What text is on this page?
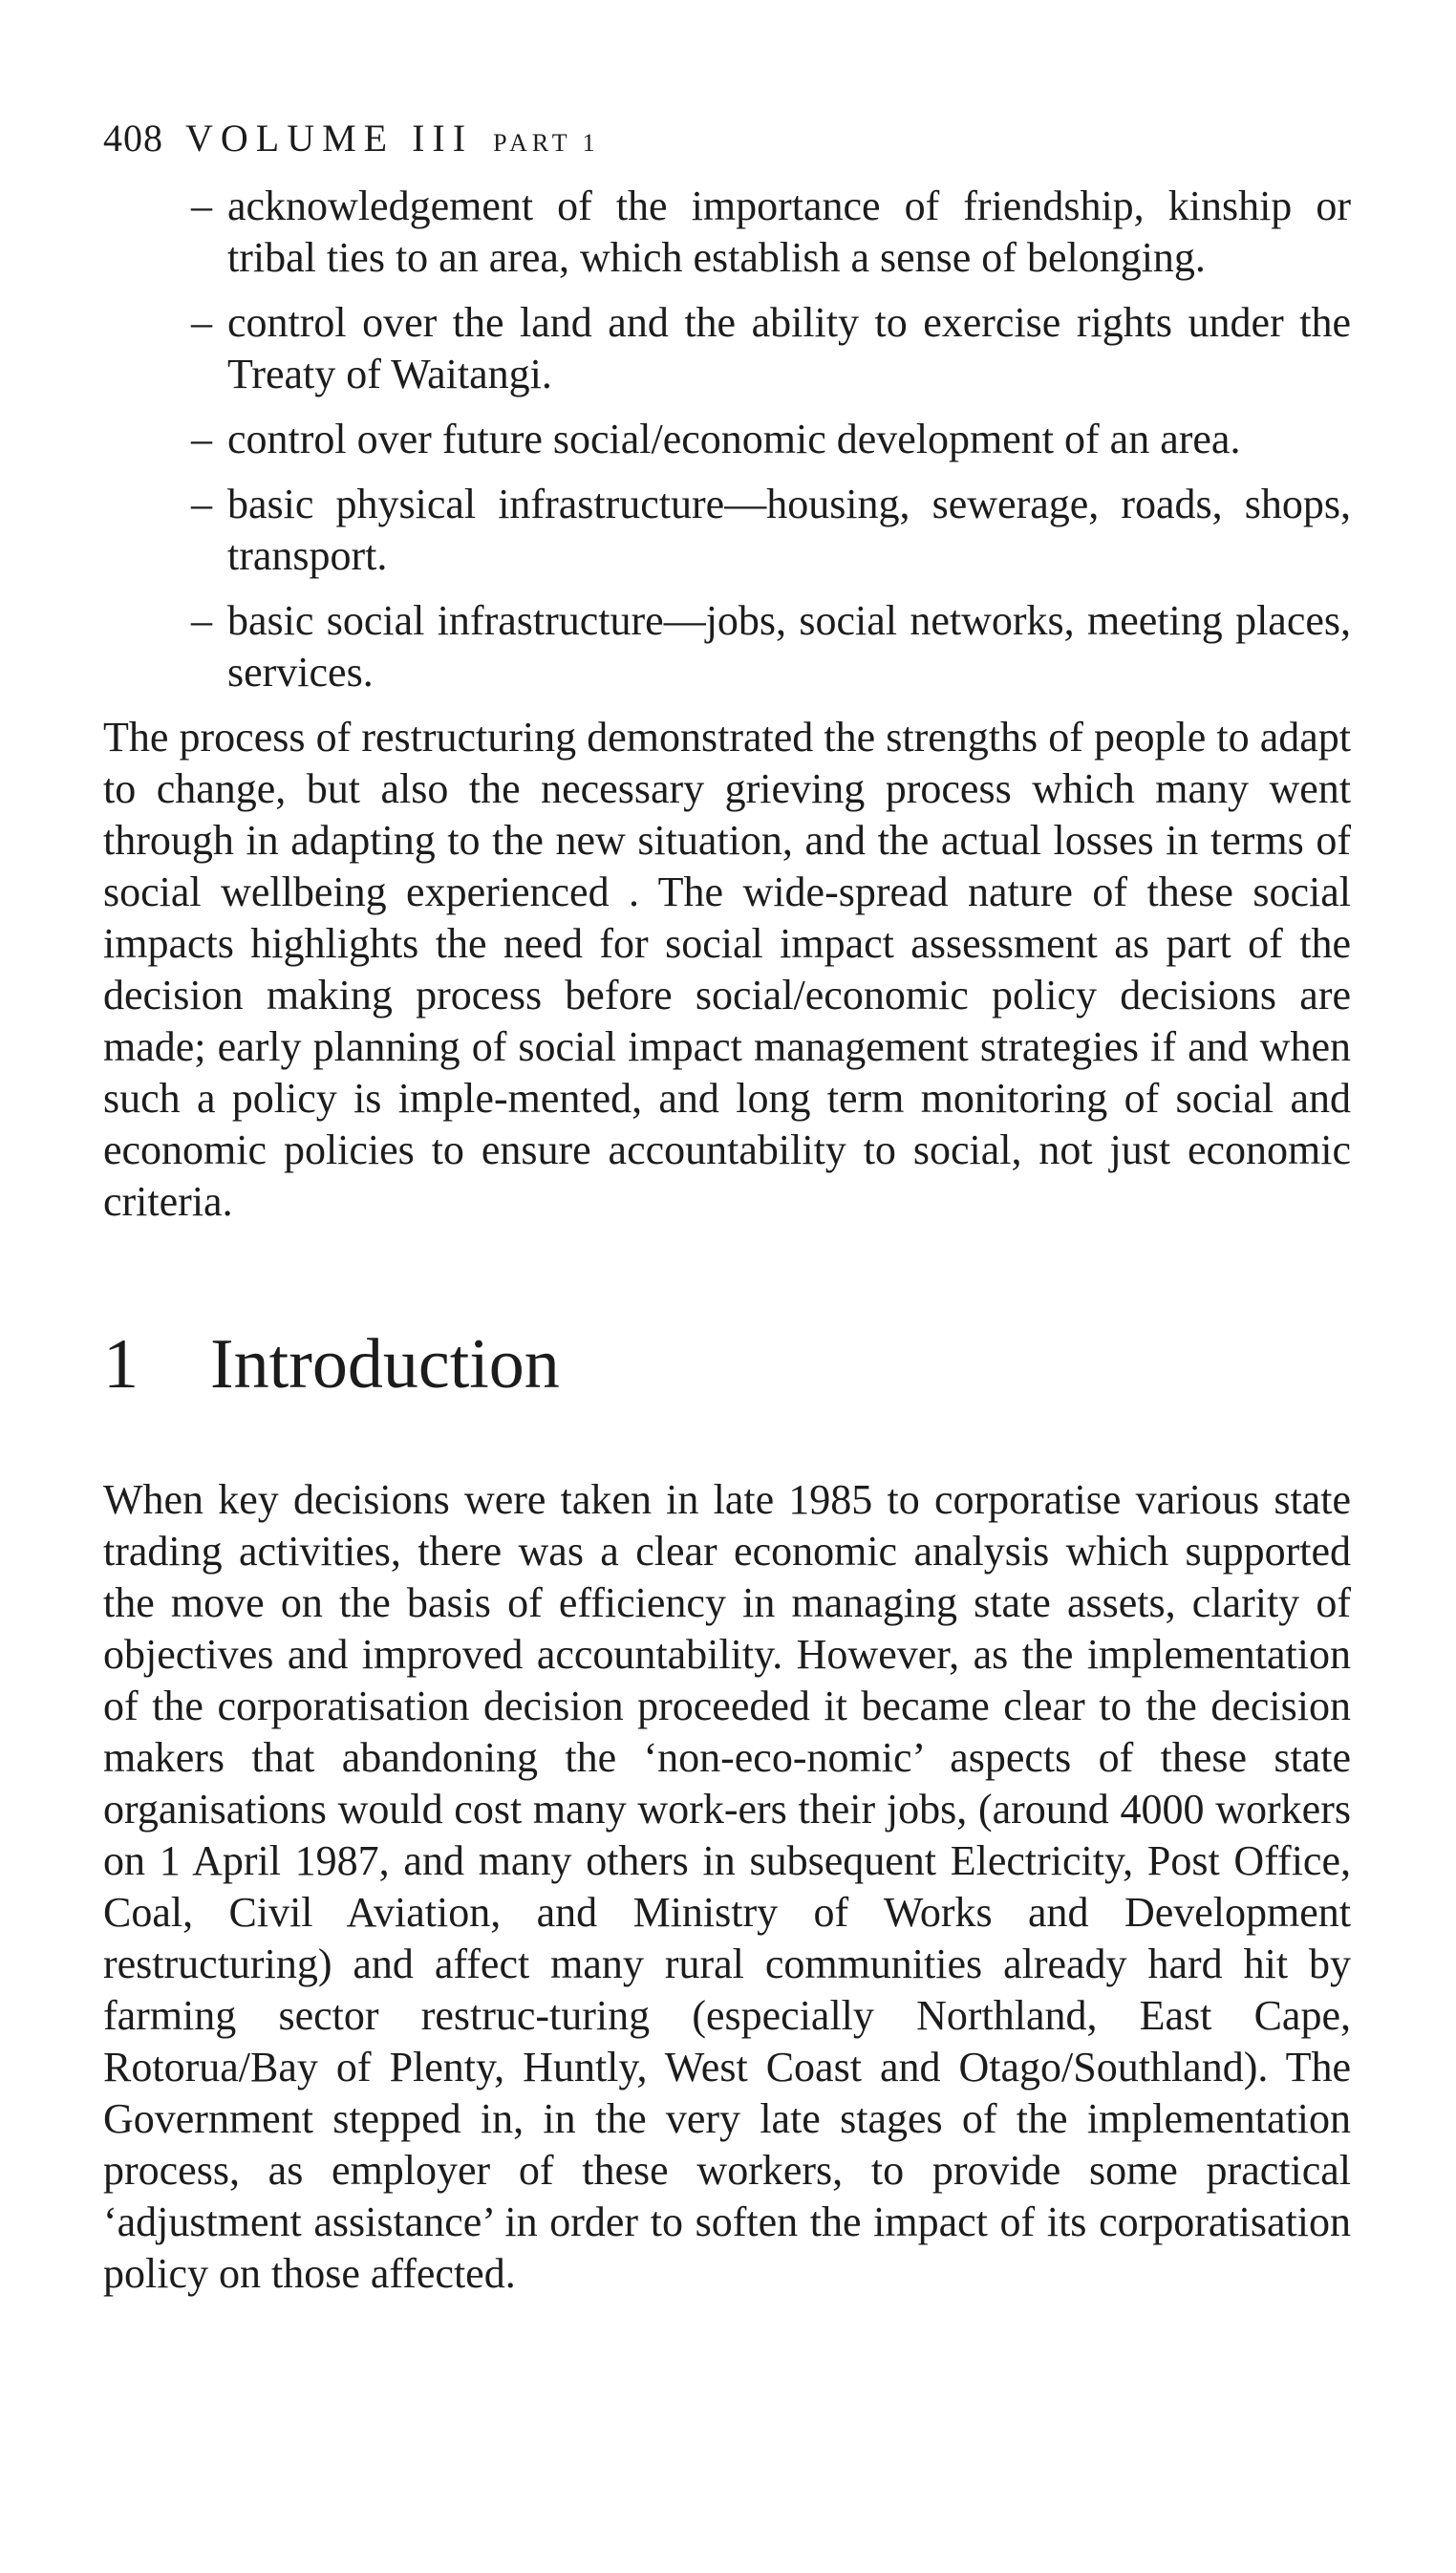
408 VOLUME III PART 1
– acknowledgement of the importance of friendship, kinship or tribal ties to an area, which establish a sense of belonging.
– control over the land and the ability to exercise rights under the Treaty of Waitangi.
– control over future social/economic development of an area.
– basic physical infrastructure—housing, sewerage, roads, shops, transport.
– basic social infrastructure—jobs, social networks, meeting places, services.

The process of restructuring demonstrated the strengths of people to adapt to change, but also the necessary grieving process which many went through in adapting to the new situation, and the actual losses in terms of social wellbeing experienced . The wide-spread nature of these social impacts highlights the need for social impact assessment as part of the decision making process before social/economic policy decisions are made; early planning of social impact management strategies if and when such a policy is imple-mented, and long term monitoring of social and economic policies to ensure accountability to social, not just economic criteria.

1 Introduction

When key decisions were taken in late 1985 to corporatise various state trading activities, there was a clear economic analysis which supported the move on the basis of efficiency in managing state assets, clarity of objectives and improved accountability. However, as the implementation of the corporatisation decision proceeded it became clear to the decision makers that abandoning the ‘non-eco-nomic’ aspects of these state organisations would cost many work-ers their jobs, (around 4000 workers on 1 April 1987, and many others in subsequent Electricity, Post Office, Coal, Civil Aviation, and Ministry of Works and Development restructuring) and affect many rural communities already hard hit by farming sector restruc-turing (especially Northland, East Cape, Rotorua/Bay of Plenty, Huntly, West Coast and Otago/Southland). The Government stepped in, in the very late stages of the implementation process, as employer of these workers, to provide some practical ‘adjustment assistance’ in order to soften the impact of its corporatisation policy on those affected.
